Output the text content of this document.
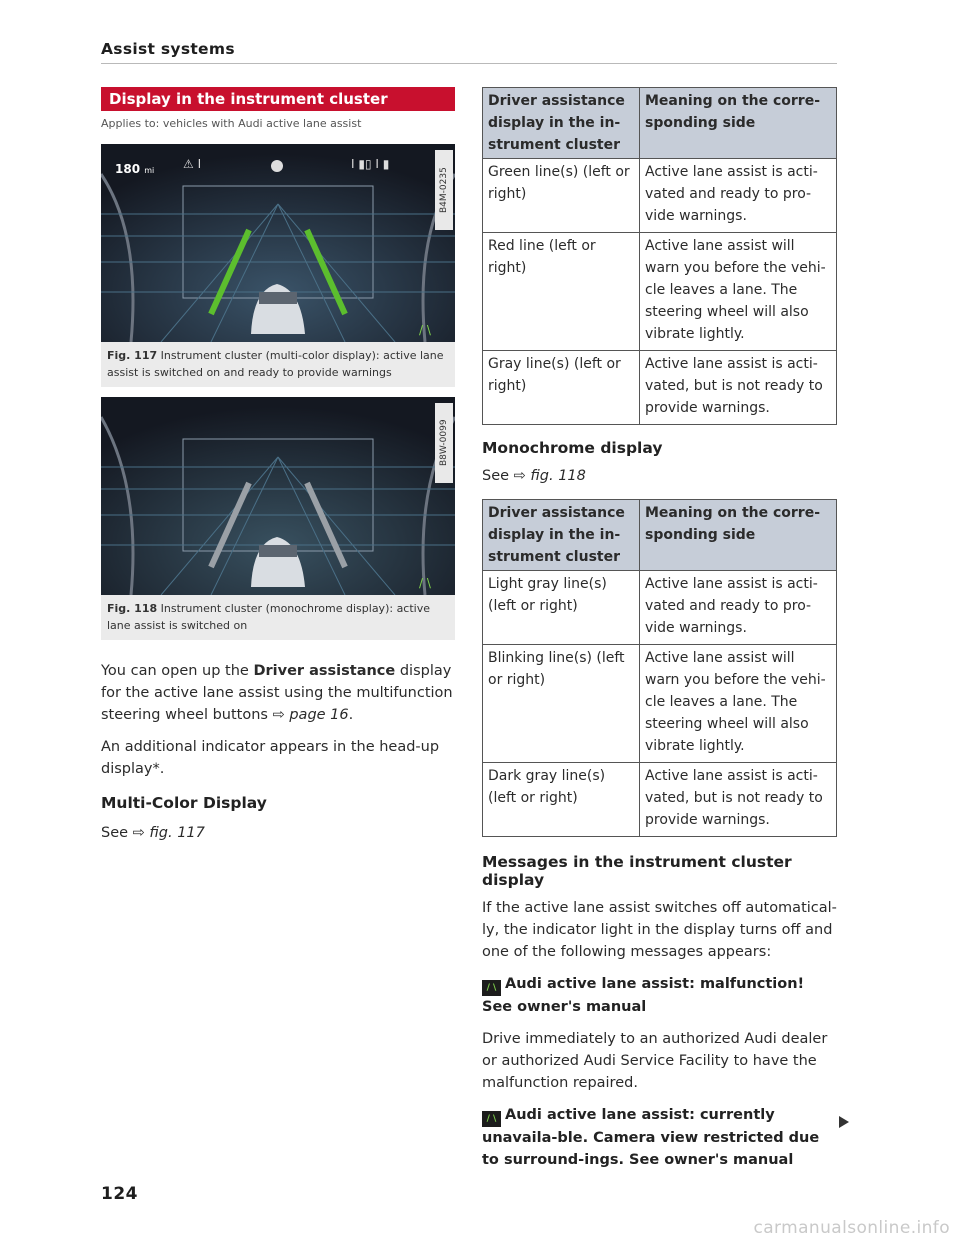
Assist systems
Display in the instrument cluster
Applies to: vehicles with Audi active lane assist
/ \
⚠ I	I ▮▯ I ▮
180 mi	B4M-0235
Fig. 117 Instrument cluster (multi-color display): active lane assist is switched on and ready to provide warnings
/ \
B8W-0099
Fig. 118 Instrument cluster (monochrome display): active lane assist is switched on

You can open up the Driver assistance display for the active lane assist using the multifunction steering wheel buttons ⇨ page 16.

An additional indicator appears in the head-up display*.

Multi-Color Display

See ⇨ fig. 117

Driver assistance display in the in-strument cluster	Meaning on the corre-sponding side
Green line(s) (left or right)	Active lane assist is acti-vated and ready to pro-vide warnings.
Red line (left or right)	Active lane assist will warn you before the vehi-cle leaves a lane. The steering wheel will also vibrate lightly.
Gray line(s) (left or right)	Active lane assist is acti-vated, but is not ready to provide warnings.
Monochrome display

See ⇨ fig. 118

Driver assistance display in the in-strument cluster	Meaning on the corre-sponding side
Light gray line(s) (left or right)	Active lane assist is acti-vated and ready to pro-vide warnings.
Blinking line(s) (left or right)	Active lane assist will warn you before the vehi-cle leaves a lane. The steering wheel will also vibrate lightly.
Dark gray line(s) (left or right)	Active lane assist is acti-vated, but is not ready to provide warnings.
Messages in the instrument cluster display

If the active lane assist switches off automatical-ly, the indicator light in the display turns off and one of the following messages appears:

/ \ Audi active lane assist: malfunction! See owner's manual

Drive immediately to an authorized Audi dealer or authorized Audi Service Facility to have the malfunction repaired.

/ \ Audi active lane assist: currently unavaila-ble. Camera view restricted due to surround-ings. See owner's manual
124
carmanualsonline.info
